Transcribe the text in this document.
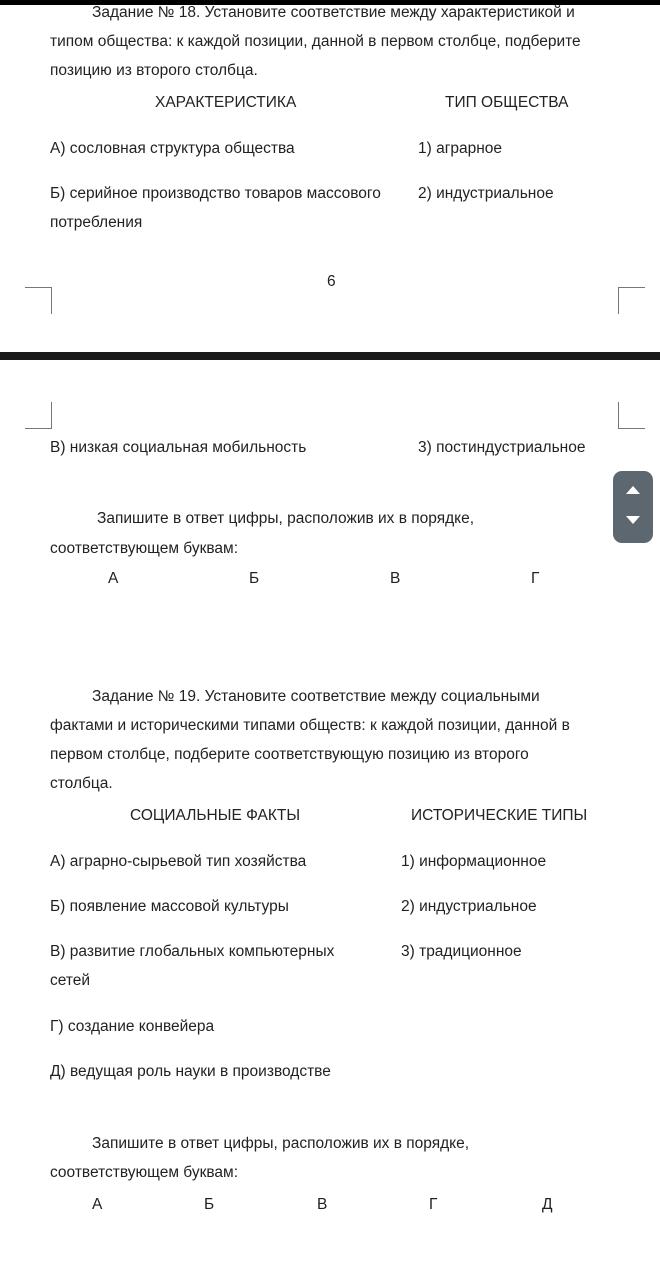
Задание № 18. Установите соответствие между характеристикой и
типом общества: к каждой позиции, данной в первом столбце, подберите
позицию из второго столбца.
ХАРАКТЕРИСТИКА	ТИП ОБЩЕСТВА
А) сословная структура общества	1) аграрное
Б) серийное производство товаров массового 2) индустриальное
потребления
6
В) низкая социальная мобильность	3) постиндустриальное
Запишите в ответ цифры, расположив их в порядке,
соответствующем буквам:
А	Б	В	Г
Задание № 19. Установите соответствие между социальными
фактами и историческими типами обществ: к каждой позиции, данной в
первом столбце, подберите соответствующую позицию из второго
столбца.
СОЦИАЛЬНЫЕ ФАКТЫ	ИСТОРИЧЕСКИЕ ТИПЫ
А) аграрно-сырьевой тип хозяйства	1) информационное
Б) появление массовой культуры	2) индустриальное
В) развитие глобальных компьютерных	3) традиционное
сетей
Г) создание конвейера
Д) ведущая роль науки в производстве
Запишите в ответ цифры, расположив их в порядке,
соответствующем буквам:
А	Б	В	Г	Д
